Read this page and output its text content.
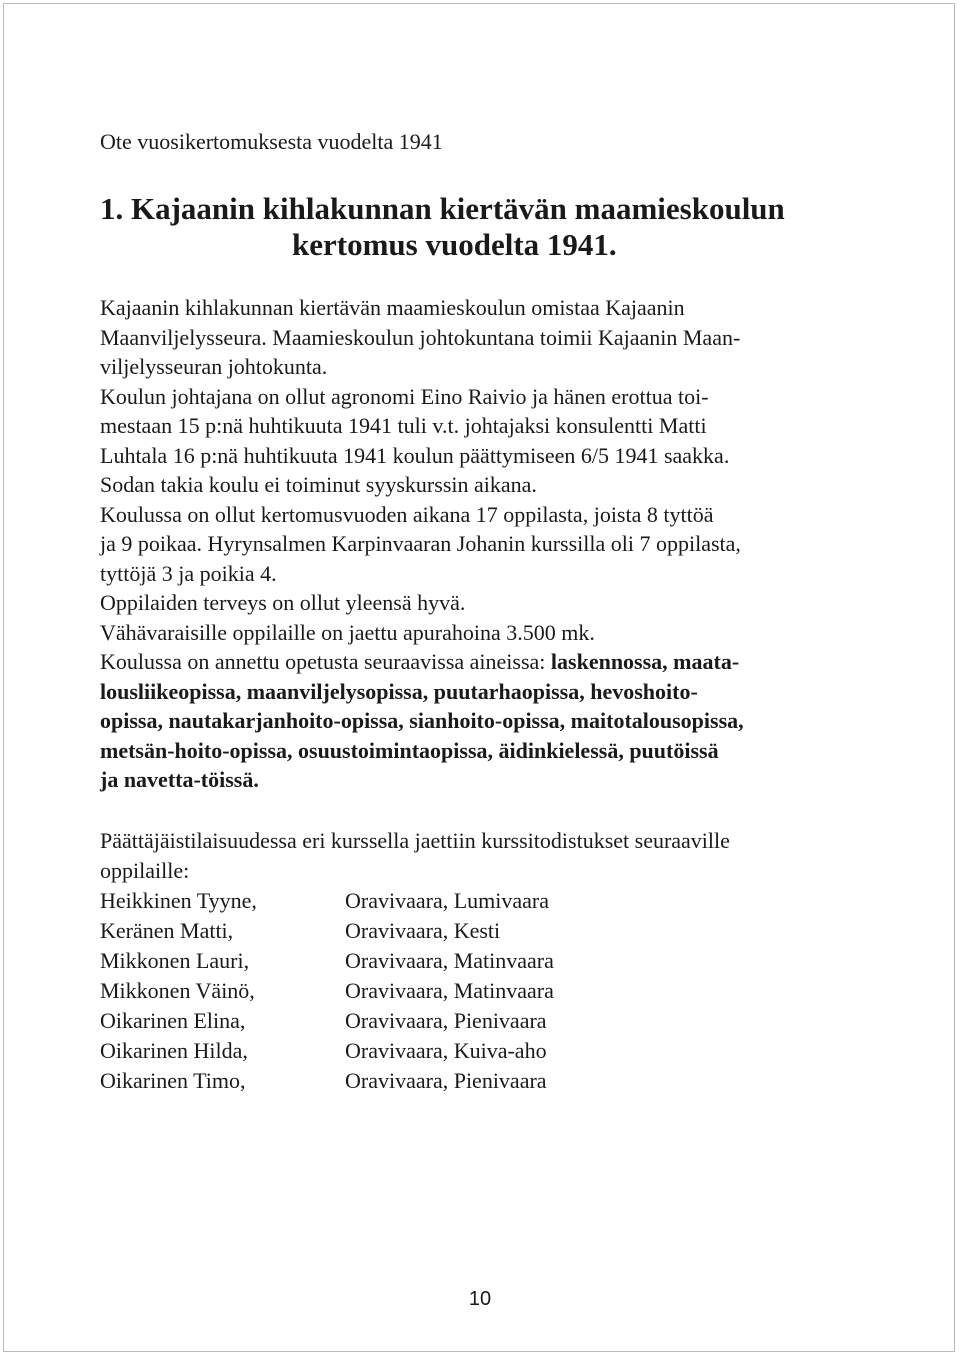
Ote vuosikertomuksesta vuodelta 1941
1. Kajaanin kihlakunnan kiertävän maamieskoulun
kertomus vuodelta 1941.
Kajaanin kihlakunnan kiertävän maamieskoulun omistaa Kajaanin
Maanviljelysseura. Maamieskoulun johtokuntana toimii Kajaanin Maan-
viljelysseuran johtokunta.
Koulun johtajana on ollut agronomi Eino Raivio ja hänen erottua toi-
mestaan 15 p:nä huhtikuuta 1941 tuli v.t. johtajaksi konsulentti Matti
Luhtala 16 p:nä huhtikuuta 1941 koulun päättymiseen 6/5 1941 saakka.
Sodan takia koulu ei toiminut syyskurssin aikana.
Koulussa on ollut kertomusvuoden aikana 17 oppilasta, joista 8 tyttöä
ja 9 poikaa. Hyrynsalmen Karpinvaaran Johanin kurssilla oli 7 oppilasta,
tyttöjä 3 ja poikia 4.
Oppilaiden terveys on ollut yleensä hyvä.
Vähävaraisille oppilaille on jaettu apurahoina 3.500 mk.
Koulussa on annettu opetusta seuraavissa aineissa: laskennossa, maata-
lousliikeopissa, maanviljelysopissa, puutarhaopissa, hevoshoito-
opissa, nautakarjanhoito-opissa, sianhoito-opissa, maitotalousopissa,
metsän-hoito-opissa, osuustoimintaopissa, äidinkielessä, puutöissä
ja navetta-töissä.
Päättäjäistilaisuudessa eri kurssella jaettiin kurssitodistukset seuraaville
oppilaille:
Heikkinen Tyyne,	Oravivaara, Lumivaara
Keränen Matti,	Oravivaara, Kesti
Mikkonen Lauri,	Oravivaara, Matinvaara
Mikkonen Väinö,	Oravivaara, Matinvaara
Oikarinen Elina,	Oravivaara, Pienivaara
Oikarinen Hilda,	Oravivaara, Kuiva-aho
Oikarinen Timo,	Oravivaara, Pienivaara
10
